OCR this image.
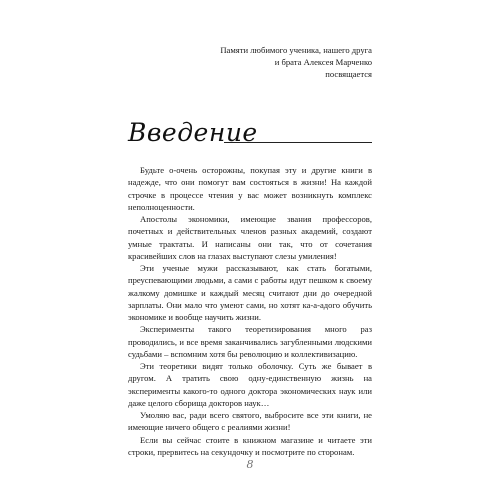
Памяти любимого ученика, нашего друга
и брата Алексея Марченко
посвящается
Введение

Будьте о-очень осторожны, покупая эту и другие книги в надежде, что они помогут вам состояться в жизни! На каждой строчке в процессе чтения у вас может возникнуть комплекс неполноценности.

Апостолы экономики, имеющие звания профессоров, почетных и действительных членов разных академий, создают умные трактаты. И написаны они так, что от сочетания красивейших слов на глазах выступают слезы умиления!

Эти ученые мужи рассказывают, как стать богатыми, преуспевающими людьми, а сами с работы идут пешком к своему жалкому домишке и каждый месяц считают дни до очередной зарплаты. Они мало что умеют сами, но хотят ка-а-адого обучить экономике и вообще научить жизни.

Эксперименты такого теоретизирования много раз проводились, и все время заканчивались загубленными людскими судьбами – вспомним хотя бы революцию и коллективизацию.

Эти теоретики видят только оболочку. Суть же бывает в другом. А тратить свою одну-единственную жизнь на эксперименты какого-то одного доктора экономических наук или даже целого сборища докторов наук…

Умоляю вас, ради всего святого, выбросите все эти книги, не имеющие ничего общего с реалиями жизни!

Если вы сейчас стоите в книжном магазине и читаете эти строки, прервитесь на секундочку и посмотрите по сторонам.

8
